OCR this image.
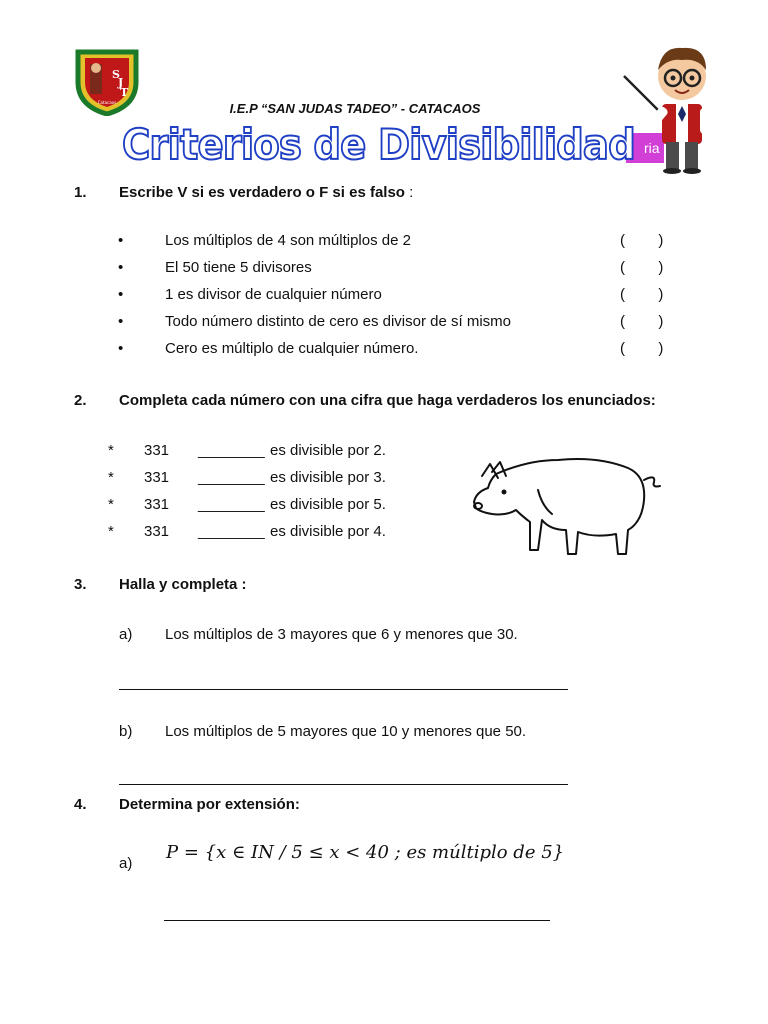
S
J
T
Catacaos	I.E.P “SAN JUDAS TADEO” - CATACAOS
ria
Criterios de Divisibilidad
1. Escribe V si es verdadero o F si es falso :
•	Los múltiplos de 4 son múltiplos de 2	(        )
•	El 50 tiene 5 divisores	(        )
•	1 es divisor de cualquier número	(        )
•	Todo número distinto de cero es divisor de sí mismo	(        )
•	Cero es múltiplo de cualquier número.	(        )
2. Completa cada número con una cifra que haga verdaderos los enunciados:
* 331 ________ es divisible por 2.
* 331 ________ es divisible por 3.
* 331 ________ es divisible por 5.
* 331 ________ es divisible por 4.
3. Halla y completa :
a) Los múltiplos de 3 mayores que 6 y menores que 30.
b) Los múltiplos de 5 mayores que 10 y menores que 50.
4. Determina por extensión:
a)
P = {x ∈ IN / 5 ≤ x < 40 ; es múltiplo de 5}
